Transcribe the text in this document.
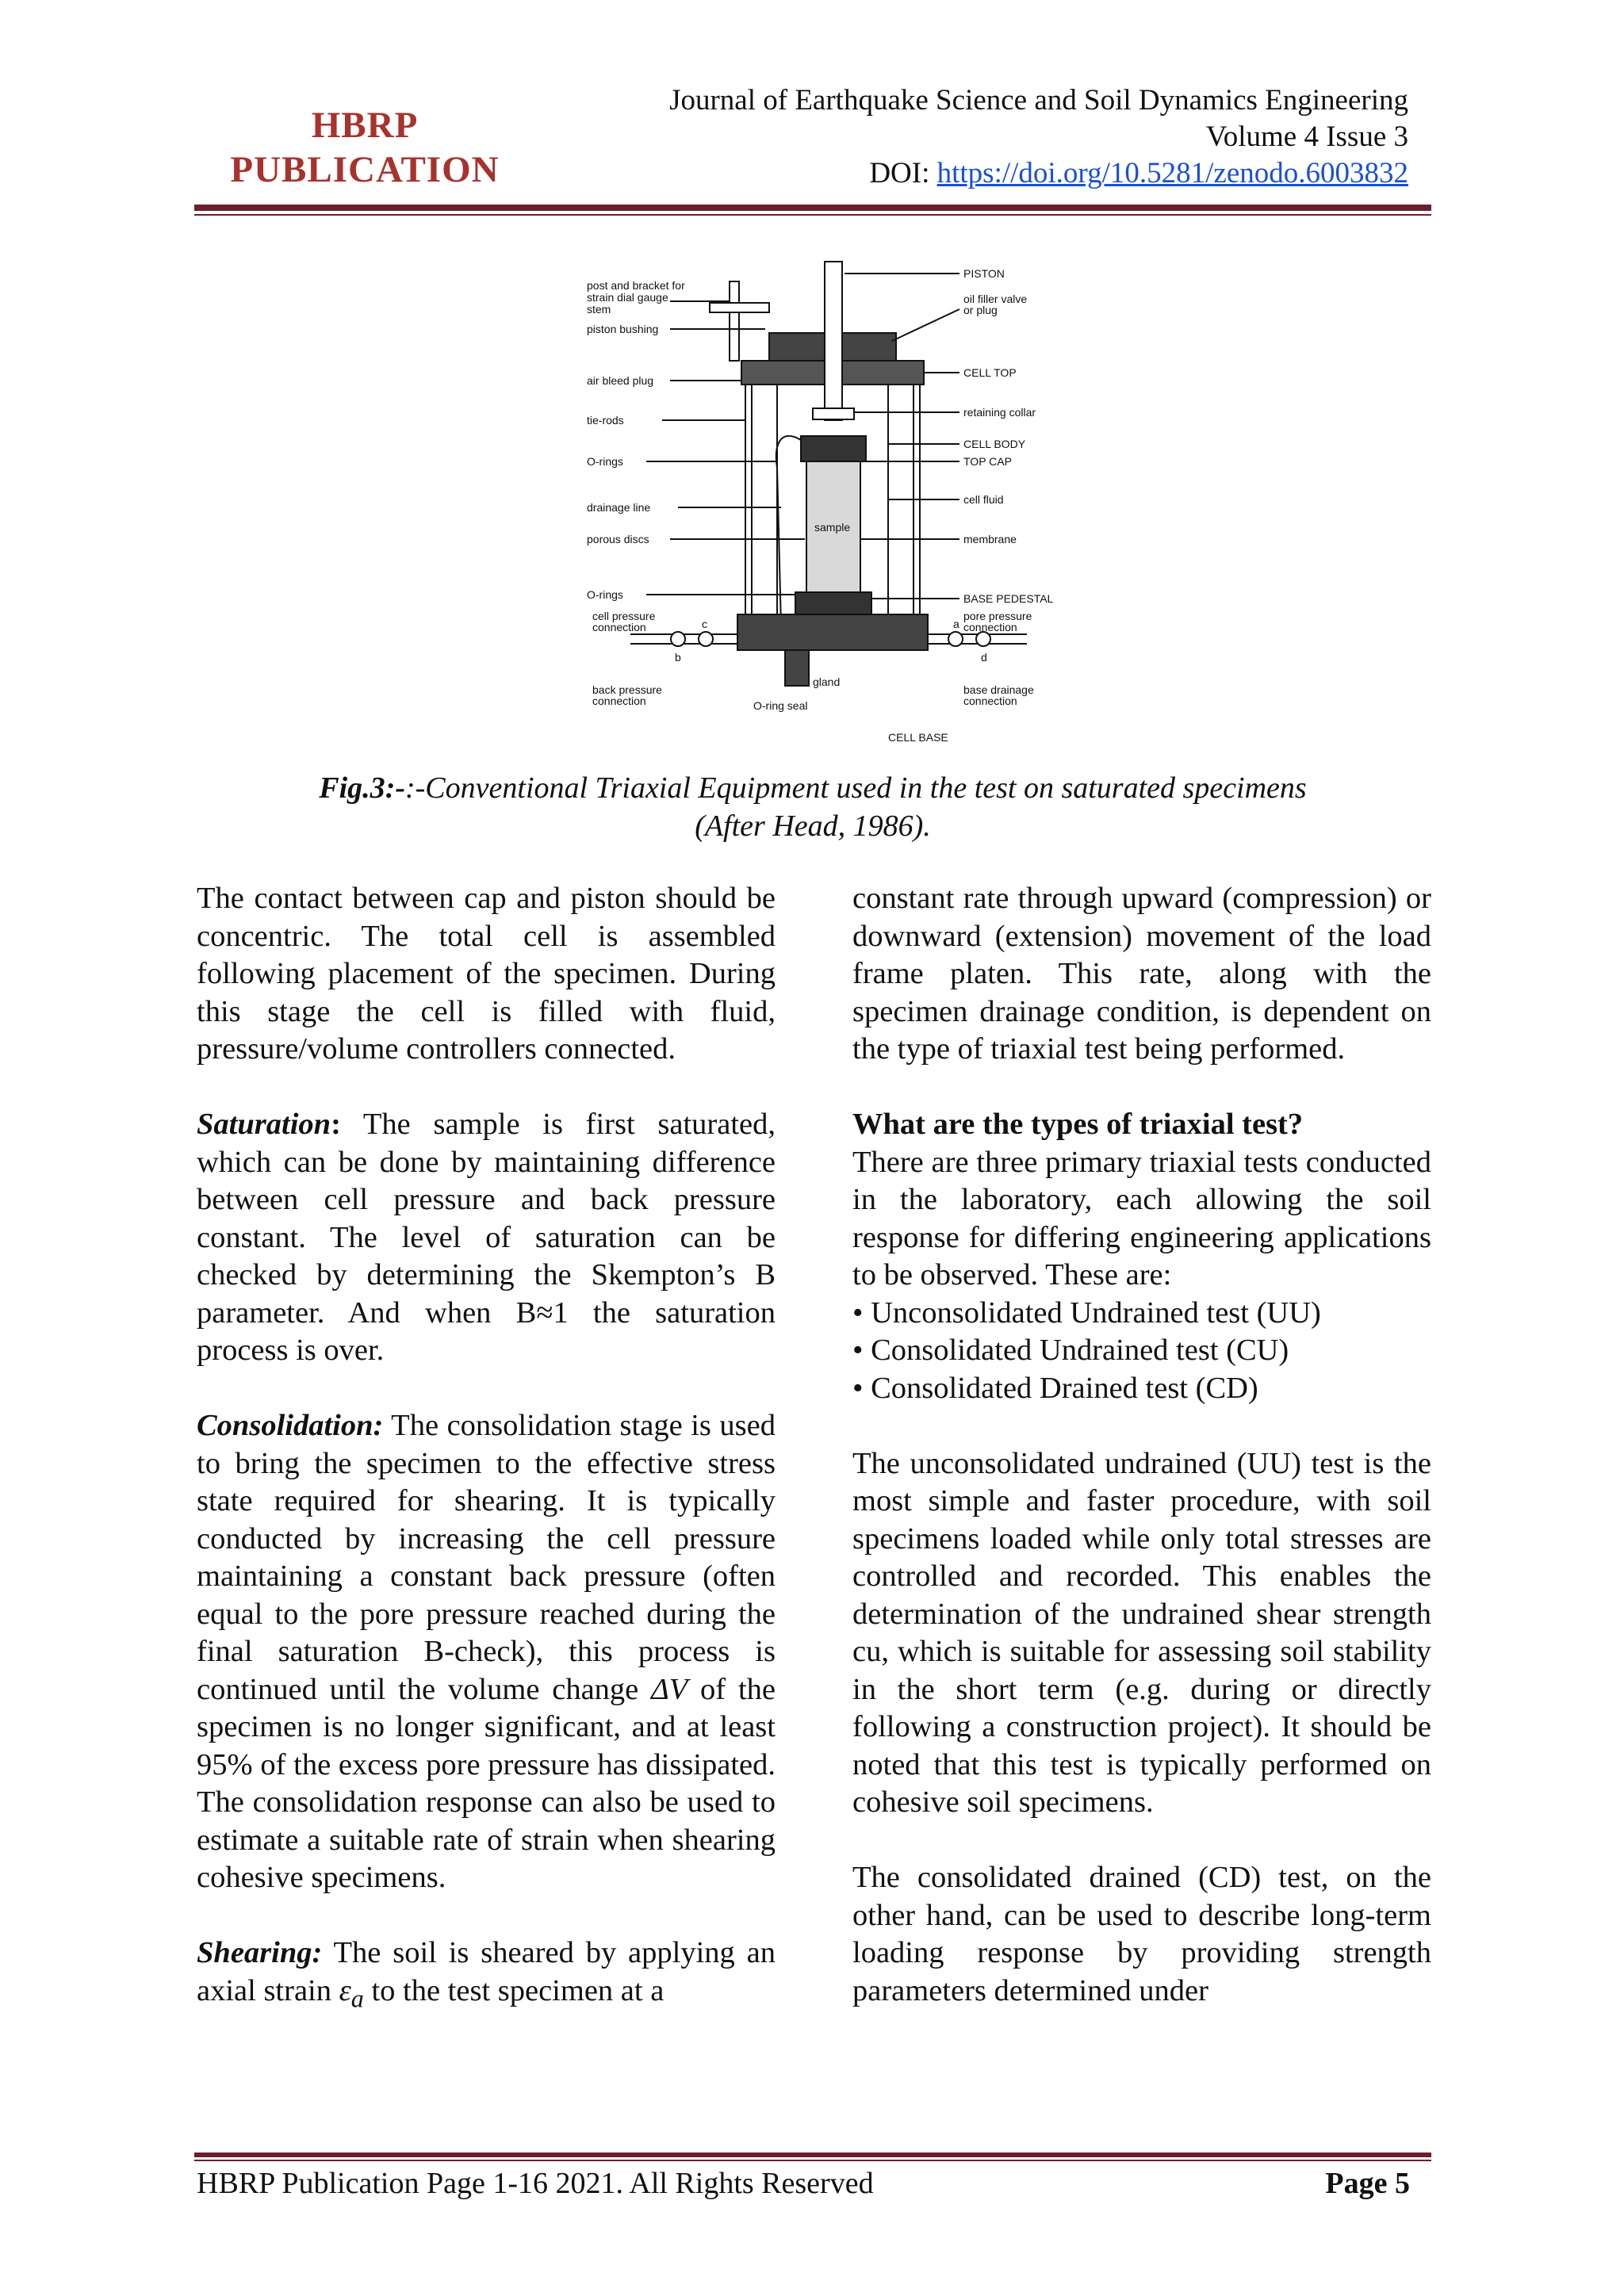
HBRP
PUBLICATION
Journal of Earthquake Science and Soil Dynamics Engineering
Volume 4 Issue 3
DOI: https://doi.org/10.5281/zenodo.6003832
post and bracket for
strain dial gauge
stem
piston bushing
air bleed plug
tie-rods
O-rings
drainage line
porous discs
O-rings
cell pressure
connection
back pressure
connection
PISTON
oil filler valve
or plug
CELL TOP
retaining collar
CELL BODY
TOP CAP
cell fluid
membrane
BASE PEDESTAL
pore pressure
connection
base drainage
connection
gland
O-ring seal
CELL BASE
sample
c
b
a
d
Fig.3:-:-Conventional Triaxial Equipment used in the test on saturated specimens
(After Head, 1986).

The contact between cap and piston should be concentric. The total cell is assembled following placement of the specimen. During this stage the cell is filled with fluid, pressure/volume controllers connected.

Saturation: The sample is first saturated, which can be done by maintaining difference between cell pressure and back pressure constant. The level of saturation can be checked by determining the Skempton’s B parameter. And when B≈1 the saturation process is over.

Consolidation: The consolidation stage is used to bring the specimen to the effective stress state required for shearing. It is typically conducted by increasing the cell pressure maintaining a constant back pressure (often equal to the pore pressure reached during the final saturation B-check), this process is continued until the volume change ΔV of the specimen is no longer significant, and at least 95% of the excess pore pressure has dissipated. The consolidation response can also be used to estimate a suitable rate of strain when shearing cohesive specimens.

Shearing: The soil is sheared by applying an axial strain $\varepsilon_a$ to the test specimen at a

constant rate through upward (compression) or downward (extension) movement of the load frame platen. This rate, along with the specimen drainage condition, is dependent on the type of triaxial test being performed.

What are the types of triaxial test?
There are three primary triaxial tests conducted in the laboratory, each allowing the soil response for differing engineering applications to be observed. These are:
• Unconsolidated Undrained test (UU)
• Consolidated Undrained test (CU)

• Consolidated Drained test (CD)

The unconsolidated undrained (UU) test is the most simple and faster procedure, with soil specimens loaded while only total stresses are controlled and recorded. This enables the determination of the undrained shear strength cu, which is suitable for assessing soil stability in the short term (e.g. during or directly following a construction project). It should be noted that this test is typically performed on cohesive soil specimens.

The consolidated drained (CD) test, on the other hand, can be used to describe long-term loading response by providing strength parameters determined under

HBRP Publication Page 1-16 2021. All Rights Reserved	Page 5
